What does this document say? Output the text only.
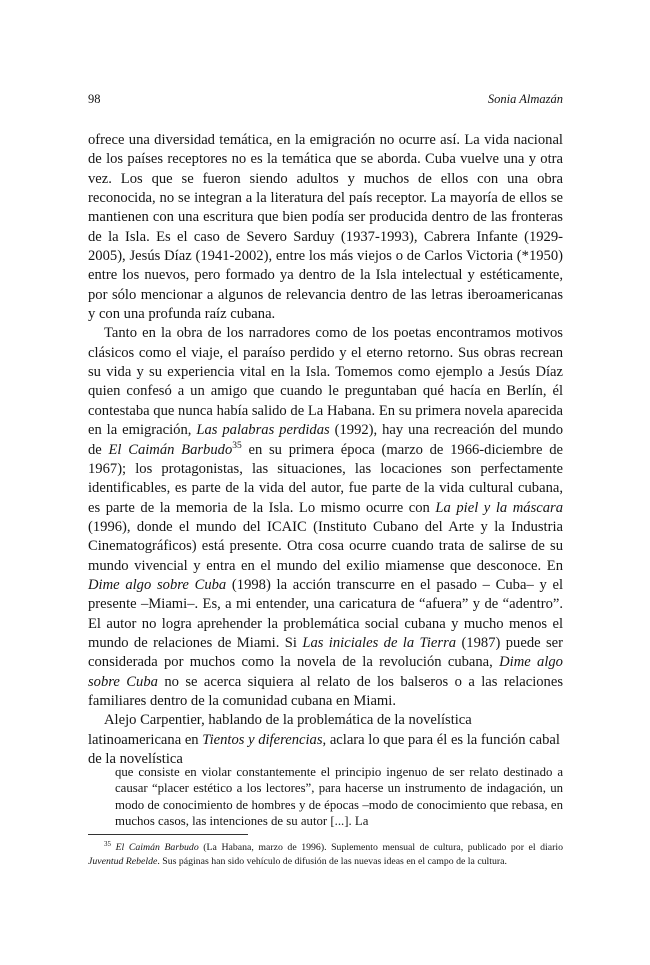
98	Sonia Almazán

ofrece una diversidad temática, en la emigración no ocurre así. La vida nacional de los países receptores no es la temática que se aborda. Cuba vuelve una y otra vez. Los que se fueron siendo adultos y muchos de ellos con una obra reconocida, no se integran a la literatura del país receptor. La mayoría de ellos se mantienen con una escritura que bien podía ser producida dentro de las fronteras de la Isla. Es el caso de Severo Sarduy (1937-1993), Cabrera Infante (1929-2005), Jesús Díaz (1941-2002), entre los más viejos o de Carlos Victoria (*1950) entre los nuevos, pero formado ya dentro de la Isla intelectual y estéticamente, por sólo mencionar a algunos de relevancia dentro de las letras iberoamericanas y con una profunda raíz cubana.

Tanto en la obra de los narradores como de los poetas encontramos motivos clásicos como el viaje, el paraíso perdido y el eterno retorno. Sus obras recrean su vida y su experiencia vital en la Isla. Tomemos como ejemplo a Jesús Díaz quien confesó a un amigo que cuando le preguntaban qué hacía en Berlín, él contestaba que nunca había salido de La Habana. En su primera novela aparecida en la emigración, Las palabras perdidas (1992), hay una recreación del mundo de El Caimán Barbudo$^{35}$ en su primera época (marzo de 1966-diciembre de 1967); los protagonistas, las situaciones, las locaciones son perfectamente identificables, es parte de la vida del autor, fue parte de la vida cultural cubana, es parte de la memoria de la Isla. Lo mismo ocurre con La piel y la máscara (1996), donde el mundo del ICAIC (Instituto Cubano del Arte y la Industria Cinematográficos) está presente. Otra cosa ocurre cuando trata de salirse de su mundo vivencial y entra en el mundo del exilio miamense que desconoce. En Dime algo sobre Cuba (1998) la acción transcurre en el pasado – Cuba– y el presente –Miami–. Es, a mi entender, una caricatura de “afuera” y de “adentro”. El autor no logra aprehender la problemática social cubana y mucho menos el mundo de relaciones de Miami. Si Las iniciales de la Tierra (1987) puede ser considerada por muchos como la novela de la revolución cubana, Dime algo sobre Cuba no se acerca siquiera al relato de los balseros o a las relaciones familiares dentro de la comunidad cubana en Miami.

Alejo Carpentier, hablando de la problemática de la novelística latinoamericana en Tientos y diferencias, aclara lo que para él es la función cabal de la novelística

que consiste en violar constantemente el principio ingenuo de ser relato destinado a causar “placer estético a los lectores”, para hacerse un instrumento de indagación, un modo de conocimiento de hombres y de épocas –modo de conocimiento que rebasa, en muchos casos, las intenciones de su autor [...]. La

$^{35}$ El Caimán Barbudo (La Habana, marzo de 1996). Suplemento mensual de cultura, publicado por el diario Juventud Rebelde. Sus páginas han sido vehículo de difusión de las nuevas ideas en el campo de la cultura.
